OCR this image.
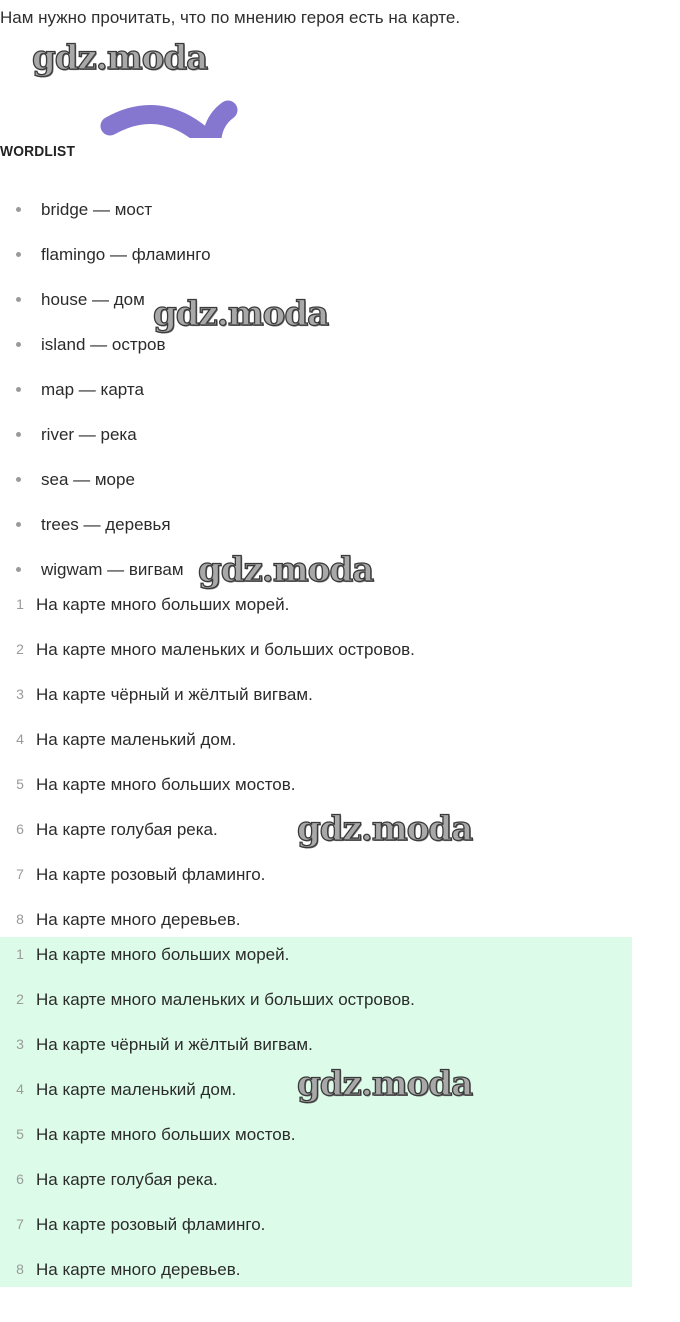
Нам нужно прочитать, что по мнению героя есть на карте.

WORDLIST
bridge — мост
flamingo — фламинго
house — дом
island — остров
map — карта
river — река
sea — море
trees — деревья
wigwam — вигвам
1 На карте много больших морей.
2 На карте много маленьких и больших островов.
3 На карте чёрный и жёлтый вигвам.
4 На карте маленький дом.
5 На карте много больших мостов.
6 На карте голубая река.
7 На карте розовый фламинго.
8 На карте много деревьев.
1 На карте много больших морей.
2 На карте много маленьких и больших островов.
3 На карте чёрный и жёлтый вигвам.
4 На карте маленький дом.
5 На карте много больших мостов.
6 На карте голубая река.
7 На карте розовый фламинго.
8 На карте много деревьев.

gdz.moda

gdz.moda

gdz.moda

gdz.moda

gdz.moda
